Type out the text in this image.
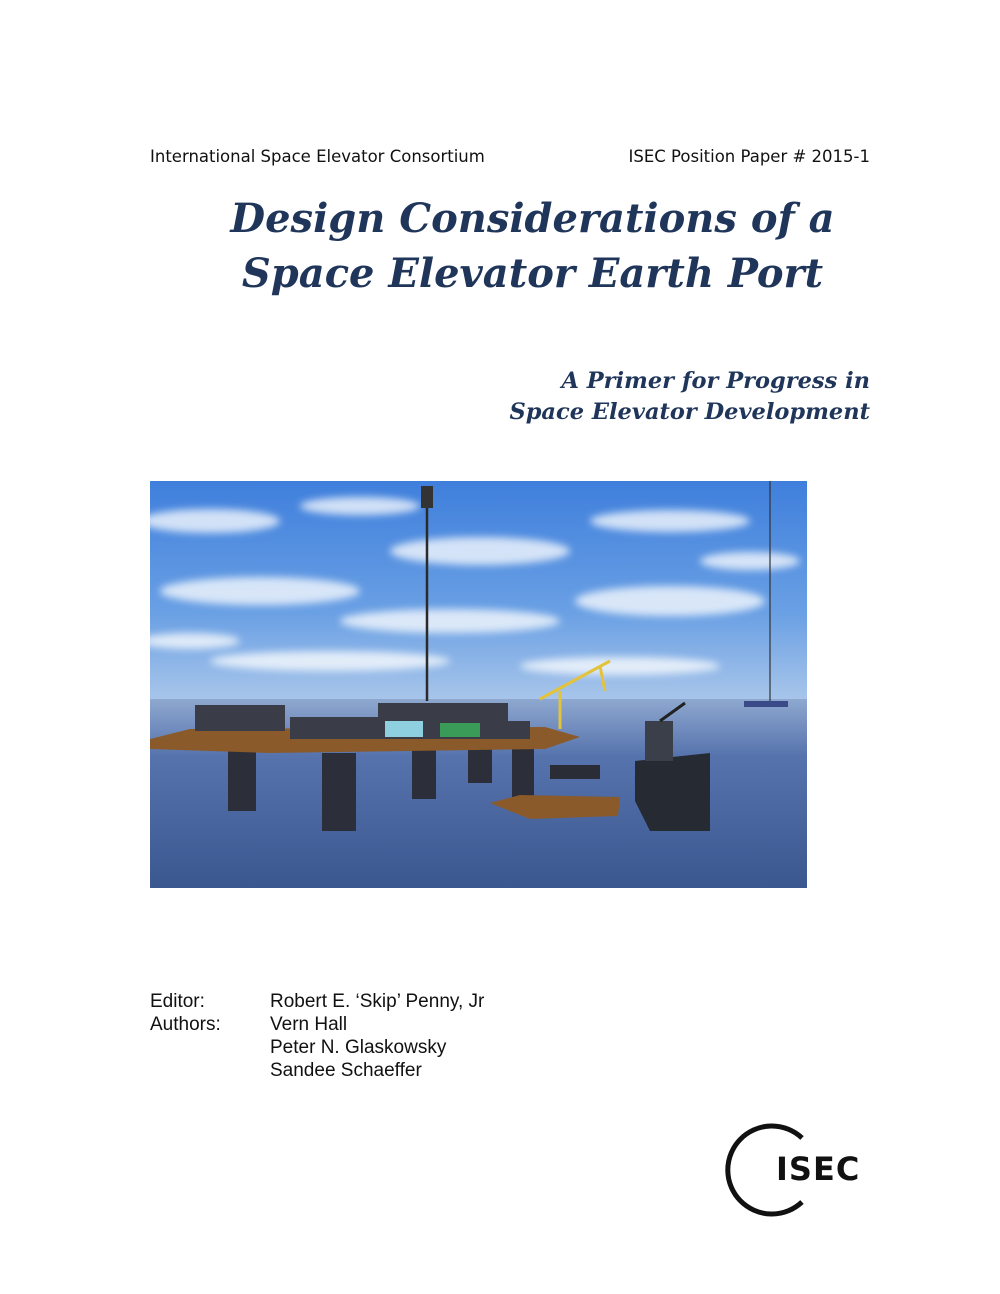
International Space Elevator Consortium	ISEC Position Paper # 2015-1
Design Considerations of a
Space Elevator Earth Port
A Primer for Progress in
Space Elevator Development
Editor:	Robert E. ‘Skip’ Penny, Jr
Authors:	Vern Hall
Peter N. Glaskowsky
Sandee Schaeffer
ISEC
